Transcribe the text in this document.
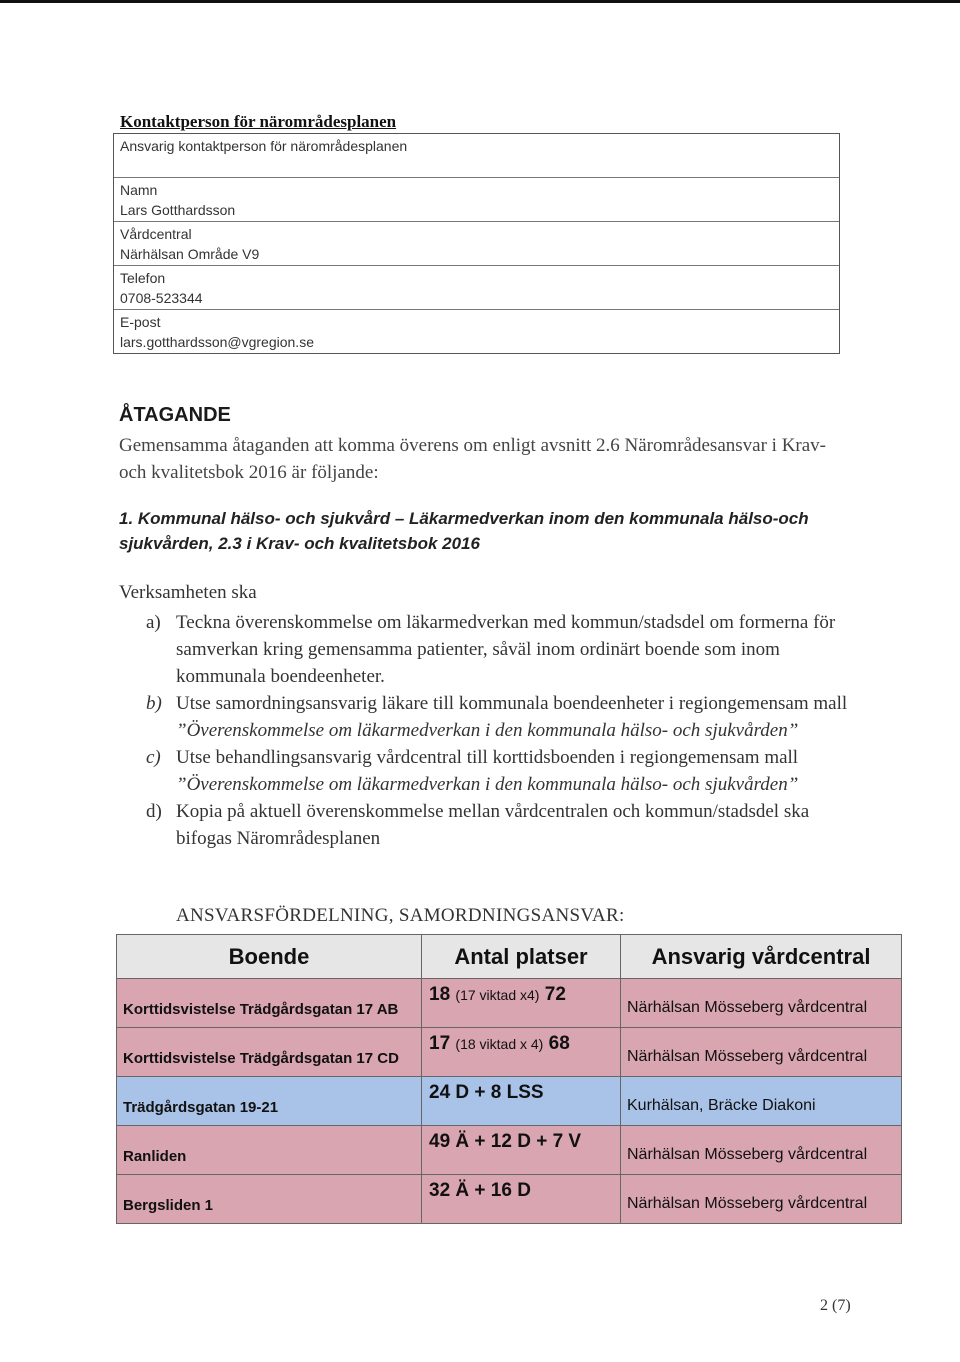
Kontaktperson för närområdesplanen
Ansvarig kontaktperson för närområdesplanen
Namn
Lars Gotthardsson
Vårdcentral
Närhälsan Område V9
Telefon
0708-523344
E-post
lars.gotthardsson@vgregion.se
ÅTAGANDE
Gemensamma åtaganden att komma överens om enligt avsnitt 2.6 Närområdesansvar i Krav- och kvalitetsbok 2016 är följande:
1. Kommunal hälso- och sjukvård – Läkarmedverkan inom den kommunala hälso-och sjukvården, 2.3 i Krav- och kvalitetsbok 2016
Verksamheten ska
a) Teckna överenskommelse om läkarmedverkan med kommun/stadsdel om formerna för samverkan kring gemensamma patienter, såväl inom ordinärt boende som inom kommunala boendeenheter.
b) Utse samordningsansvarig läkare till kommunala boendeenheter i regiongemensam mall ”Överenskommelse om läkarmedverkan i den kommunala hälso- och sjukvården”
c) Utse behandlingsansvarig vårdcentral till korttidsboenden i regiongemensam mall
”Överenskommelse om läkarmedverkan i den kommunala hälso- och sjukvården”
d) Kopia på aktuell överenskommelse mellan vårdcentralen och kommun/stadsdel ska bifogas Närområdesplanen
ANSVARSFÖRDELNING, SAMORDNINGSANSVAR:
Boende	Antal platser	Ansvarig vårdcentral

Korttidsvistelse Trädgårdsgatan 17 AB	18 (17 viktad x4) 72	Närhälsan Mösseberg vårdcentral

Korttidsvistelse Trädgårdsgatan 17 CD	17 (18 viktad x 4) 68	Närhälsan Mösseberg vårdcentral

Trädgårdsgatan 19-21	24 D + 8 LSS	Kurhälsan, Bräcke Diakoni

Ranliden	49 Ä + 12 D + 7 V	Närhälsan Mösseberg vårdcentral

Bergsliden 1	32 Ä + 16 D	Närhälsan Mösseberg vårdcentral
2 (7)
